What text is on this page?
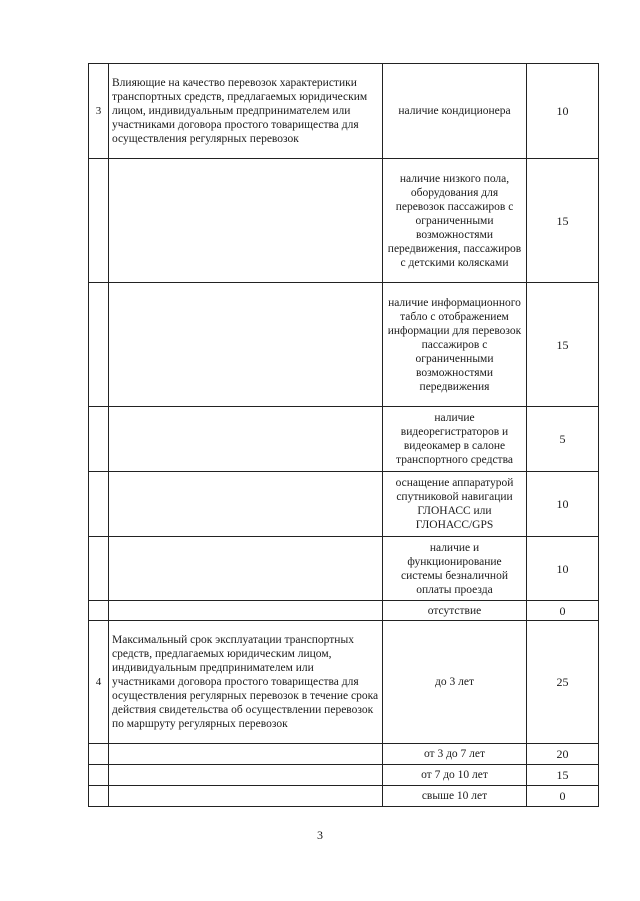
3	Влияющие на качество перевозок характеристики транспортных средств, предлагаемых юридическим лицом, индивидуальным предпринимателем или участниками договора простого товарищества для осуществления регулярных перевозок	наличие кондиционера	10
		наличие низкого пола, оборудования для перевозок пассажиров с ограниченными возможностями передвижения, пассажиров с детскими колясками	15
		наличие информационного табло с отображением информации для перевозок пассажиров с ограниченными возможностями передвижения	15
		наличие видеорегистраторов и видеокамер в салоне транспортного средства	5
		оснащение аппаратурой спутниковой навигации ГЛОНАСС или ГЛОНАСС/GPS	10
		наличие и функционирование системы безналичной оплаты проезда	10
		отсутствие	0
4	Максимальный срок эксплуатации транспортных средств, предлагаемых юридическим лицом, индивидуальным предпринимателем или участниками договора простого товарищества для осуществления регулярных перевозок в течение срока действия свидетельства об осуществлении перевозок по маршруту регулярных перевозок	до 3 лет	25
		от 3 до 7 лет	20
		от 7 до 10 лет	15
		свыше 10 лет	0
3
